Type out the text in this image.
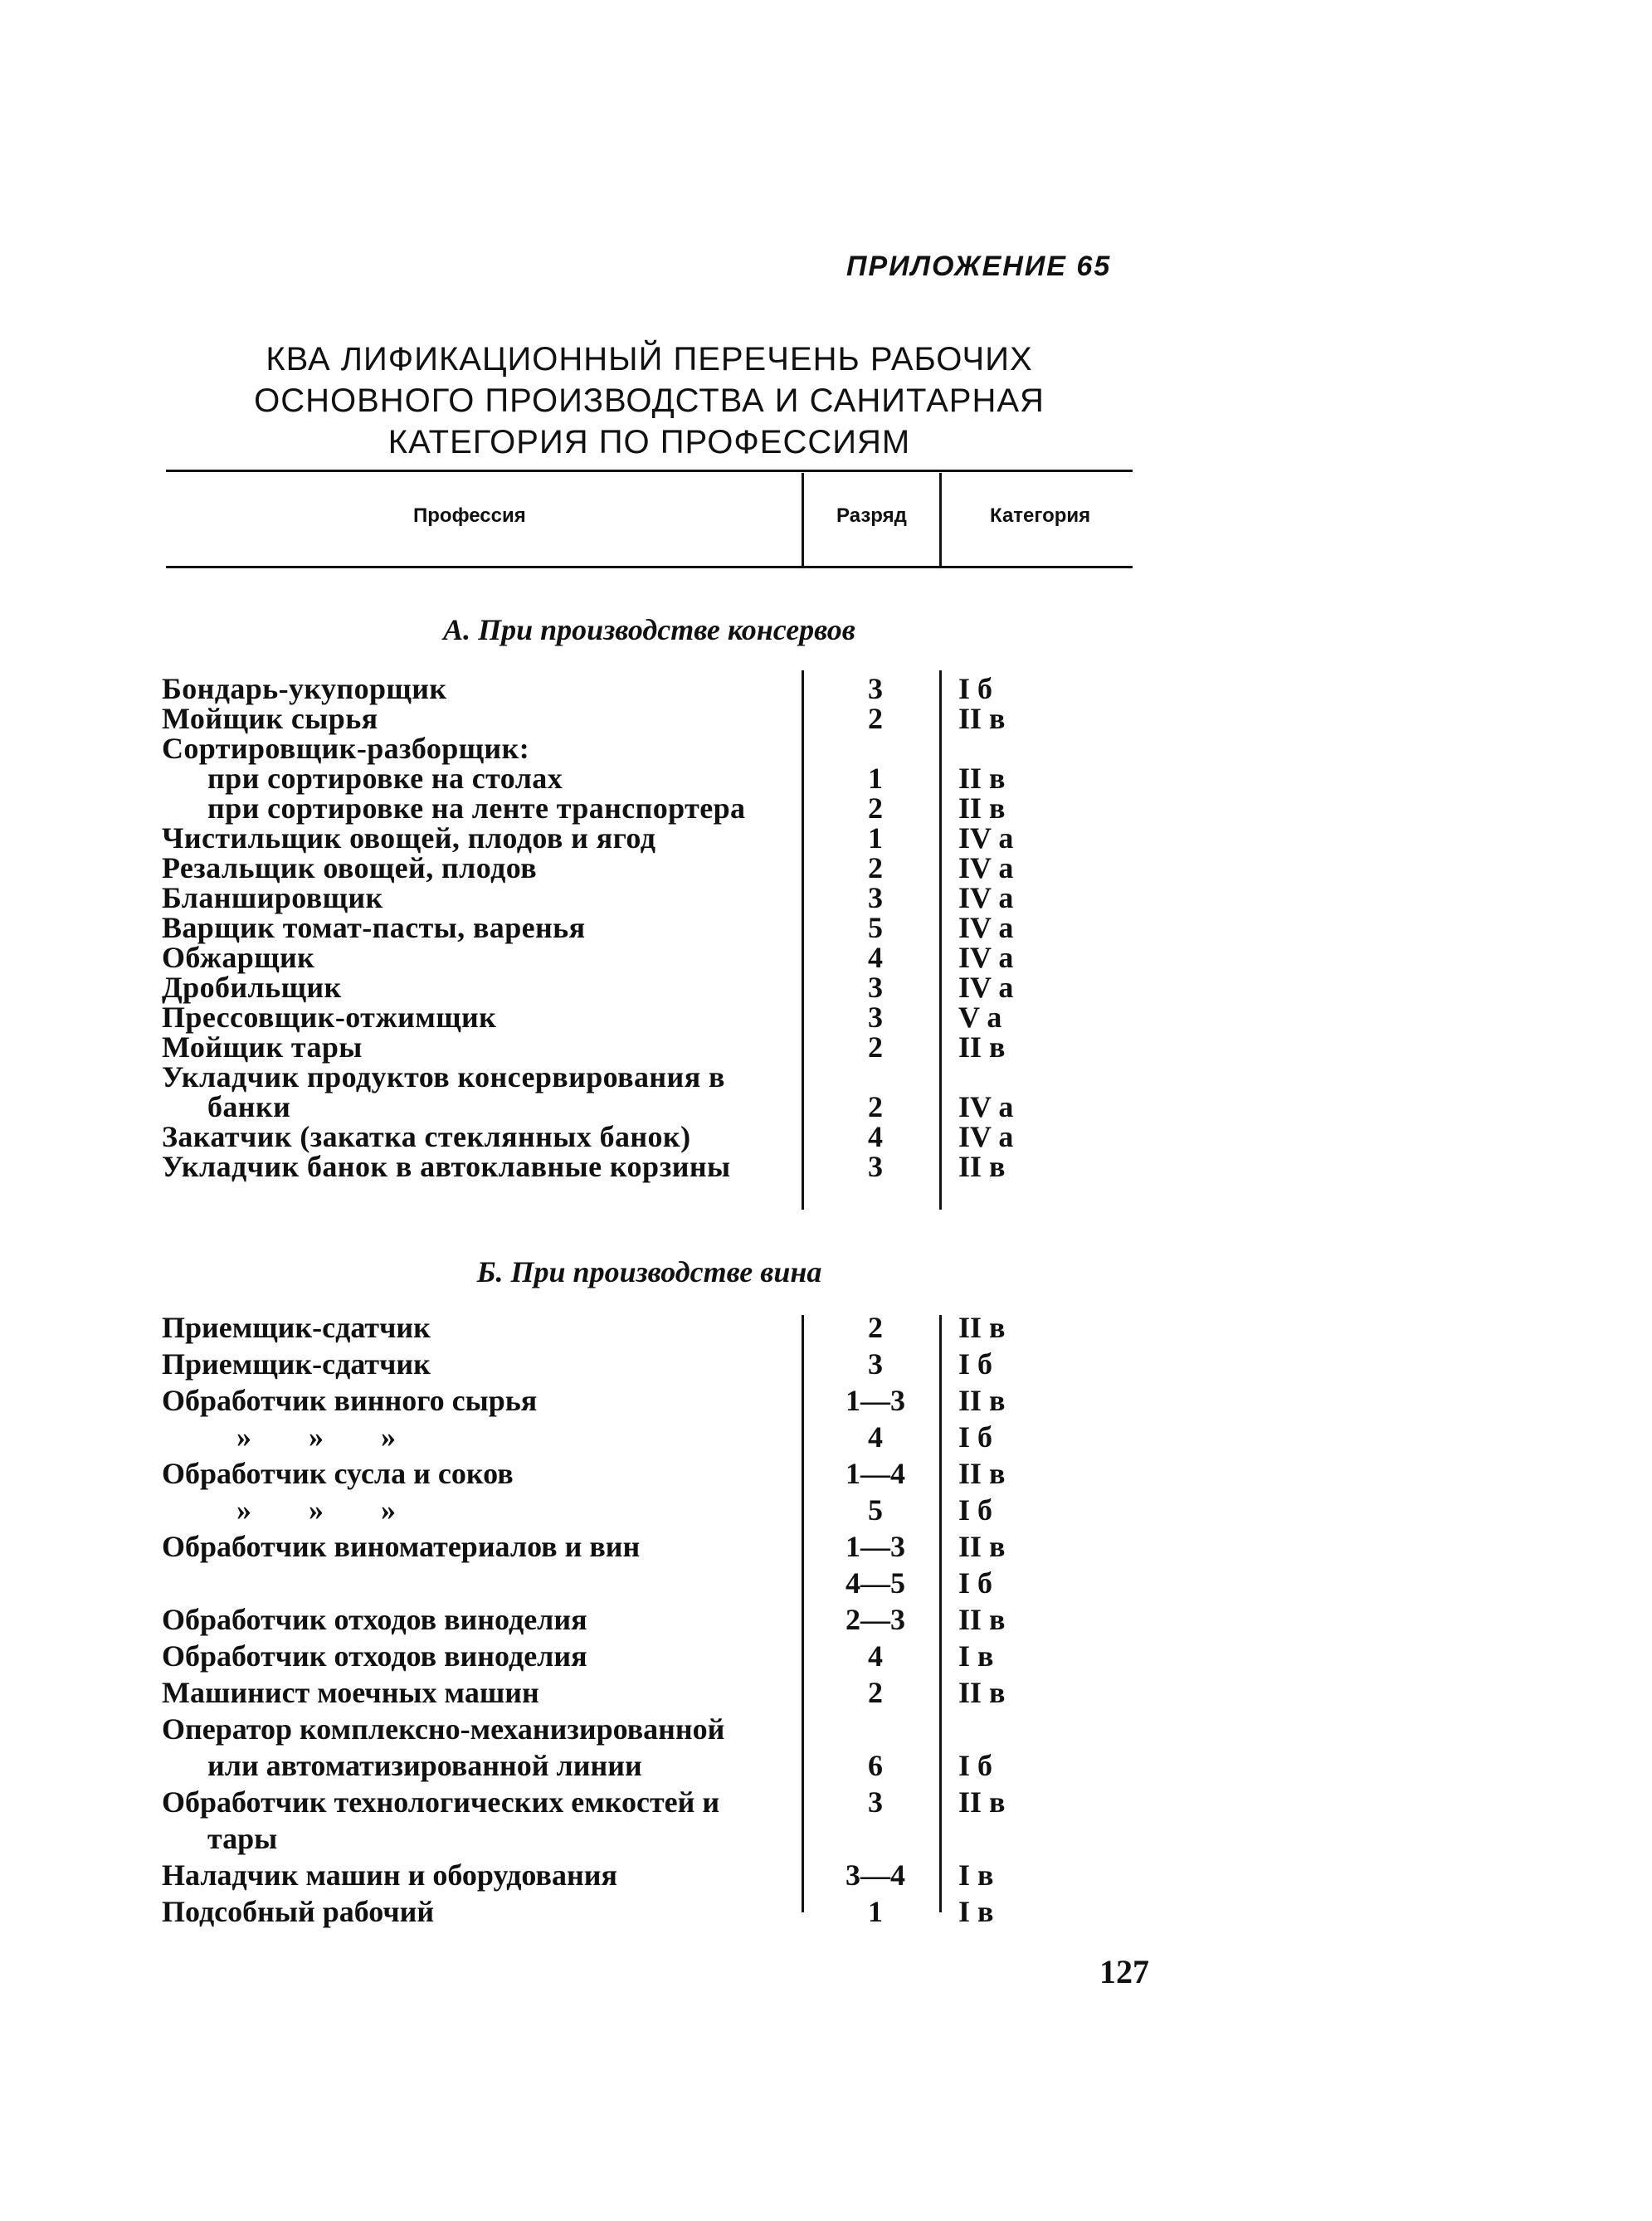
ПРИЛОЖЕНИЕ 65
КВА ЛИФИКАЦИОННЫЙ ПЕРЕЧЕНЬ РАБОЧИХ
ОСНОВНОГО ПРОИЗВОДСТВА И САНИТАРНАЯ
КАТЕГОРИЯ ПО ПРОФЕССИЯМ
Профессия	Разряд	Категория
А. При производстве консервов
Бондарь-укупорщик	3	I б
Мойщик сырья	2	II в
Сортировщик-разборщик:
при сортировке на столах	1	II в
при сортировке на ленте транспортера	2	II в
Чистильщик овощей, плодов и ягод	1	IV а
Резальщик овощей, плодов	2	IV а
Бланшировщик	3	IV а
Варщик томат-пасты, варенья	5	IV а
Обжарщик	4	IV а
Дробильщик	3	IV а
Прессовщик-отжимщик	3	V а
Мойщик тары	2	II в
Укладчик продуктов консервирования в
банки	2	IV а
Закатчик (закатка стеклянных банок)	4	IV а
Укладчик банок в автоклавные корзины	3	II в
Б. При производстве вина
Приемщик-сдатчик	2	II в
Приемщик-сдатчик	3	I б
Обработчик винного сырья	1—3	II в
» » »	4	I б
Обработчик сусла и соков	1—4	II в
» » »	5	I б
Обработчик виноматериалов и вин	1—3	II в
4—5	I б
Обработчик отходов виноделия	2—3	II в
Обработчик отходов виноделия	4	I в
Машинист моечных машин	2	II в
Оператор комплексно-механизированной
или автоматизированной линии	6	I б
Обработчик технологических емкостей и	3	II в
тары
Наладчик машин и оборудования	3—4	I в
Подсобный рабочий	1	I в
127
